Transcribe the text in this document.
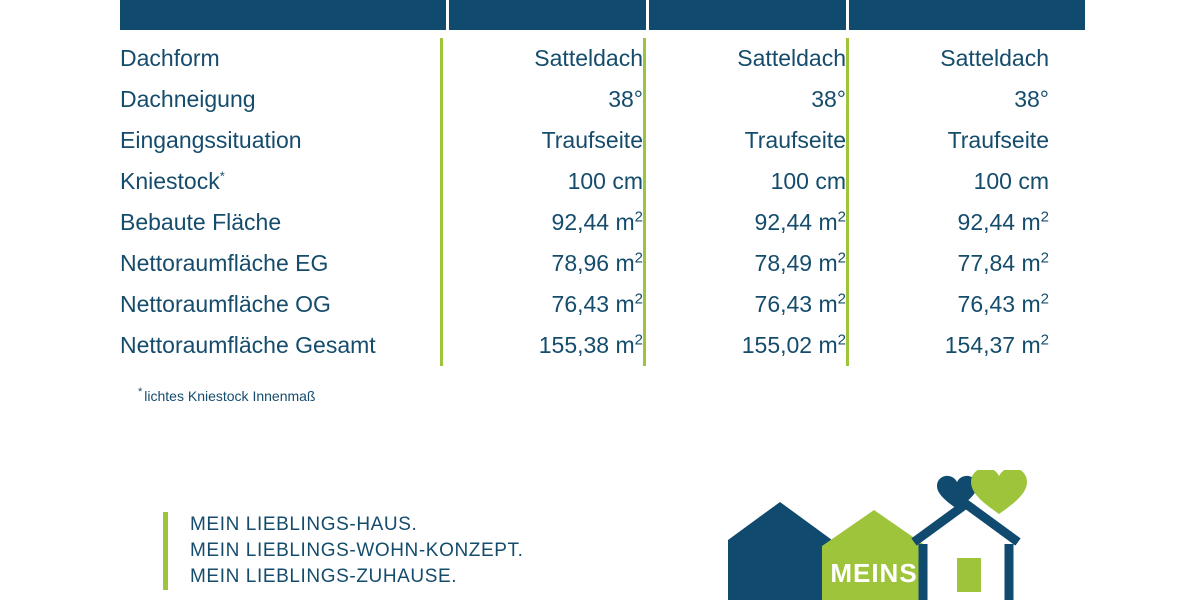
Dachform	Satteldach	Satteldach	Satteldach
Dachneigung	38°	38°	38°
Eingangssituation	Traufseite	Traufseite	Traufseite
Kniestock*	100 cm	100 cm	100 cm
Bebaute Fläche	92,44 $m^2$	92,44 $m^2$	92,44 $m^2$
Nettoraumfläche EG	78,96 $m^2$	78,49 $m^2$	77,84 $m^2$
Nettoraumfläche OG	76,43 $m^2$	76,43 $m^2$	76,43 $m^2$
Nettoraumfläche Gesamt	155,38 $m^2$	155,02 $m^2$	154,37 $m^2$
* lichtes Kniestock Innenmaß
MEIN LIEBLINGS-HAUS.
MEIN LIEBLINGS-WOHN-KONZEPT.
MEIN LIEBLINGS-ZUHAUSE.	MEINS
